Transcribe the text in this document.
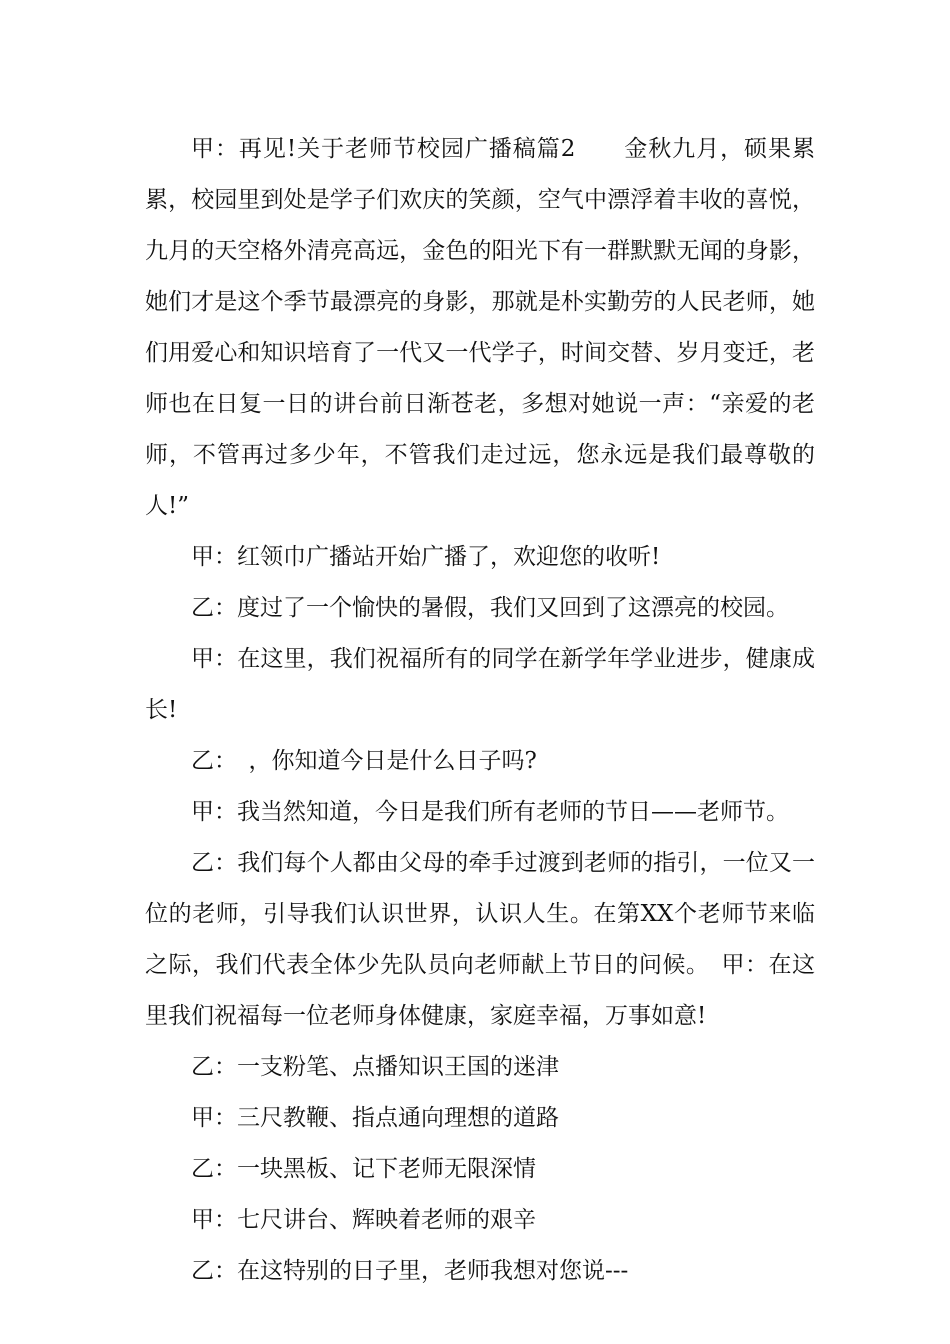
甲：再见!关于老师节校园广播稿篇2　　金秋九月，硕果累累，校园里到处是学子们欢庆的笑颜，空气中漂浮着丰收的喜悦，九月的天空格外清亮高远，金色的阳光下有一群默默无闻的身影，她们才是这个季节最漂亮的身影，那就是朴实勤劳的人民老师，她们用爱心和知识培育了一代又一代学子，时间交替、岁月变迁，老师也在日复一日的讲台前日渐苍老，多想对她说一声：“亲爱的老师，不管再过多少年，不管我们走过远，您永远是我们最尊敬的人!”

甲：红领巾广播站开始广播了，欢迎您的收听!

乙：度过了一个愉快的暑假，我们又回到了这漂亮的校园。

甲：在这里，我们祝福所有的同学在新学年学业进步，健康成长!

乙：　，你知道今日是什么日子吗?

甲：我当然知道，今日是我们所有老师的节日——老师节。

乙：我们每个人都由父母的牵手过渡到老师的指引，一位又一位的老师，引导我们认识世界，认识人生。在第XX个老师节来临之际，我们代表全体少先队员向老师献上节日的问候。　甲：在这里我们祝福每一位老师身体健康，家庭幸福，万事如意!

乙：一支粉笔、点播知识王国的迷津

甲：三尺教鞭、指点通向理想的道路

乙：一块黑板、记下老师无限深情

甲：七尺讲台、辉映着老师的艰辛

乙：在这特别的日子里，老师我想对您说---
